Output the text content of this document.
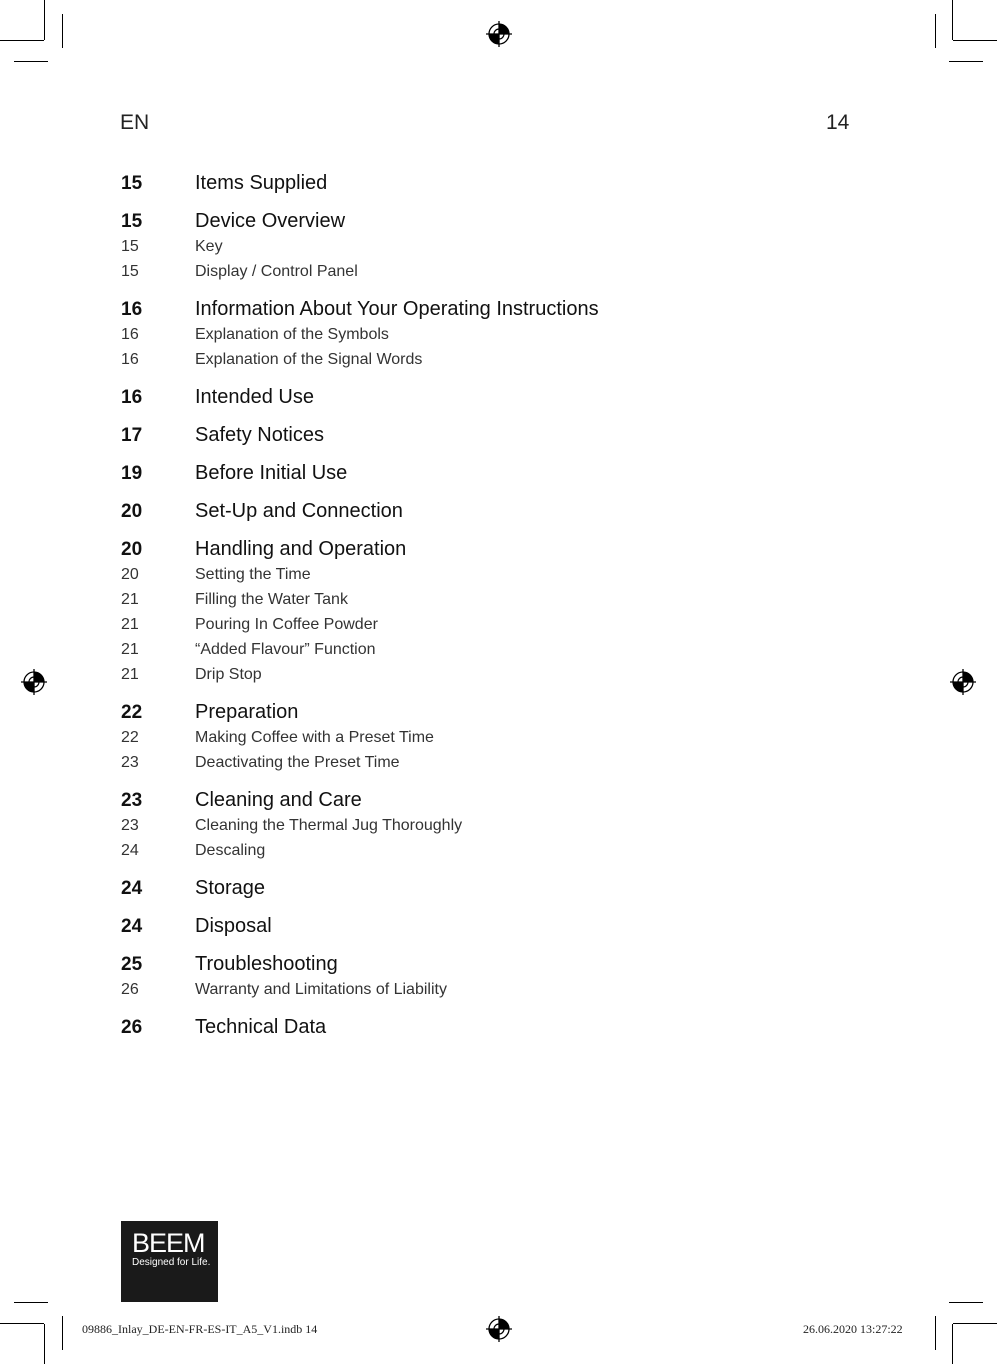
EN	14
15	Items Supplied
15	Device Overview
15	Key
15	Display / Control Panel
16	Information About Your Operating Instructions
16	Explanation of the Symbols
16	Explanation of the Signal Words
16	Intended Use
17	Safety Notices
19	Before Initial Use
20	Set-Up and Connection
20	Handling and Operation
20	Setting the Time
21	Filling the Water Tank
21	Pouring In Coffee Powder
21	“Added Flavour” Function
21	Drip Stop
22	Preparation
22	Making Coffee with a Preset Time
23	Deactivating the Preset Time
23	Cleaning and Care
23	Cleaning the Thermal Jug Thoroughly
24	Descaling
24	Storage
24	Disposal
25	Troubleshooting
26	Warranty and Limitations of Liability
26	Technical Data
BEEM
Designed for Life.
09886_Inlay_DE-EN-FR-ES-IT_A5_V1.indb 14	26.06.2020 13:27:22
